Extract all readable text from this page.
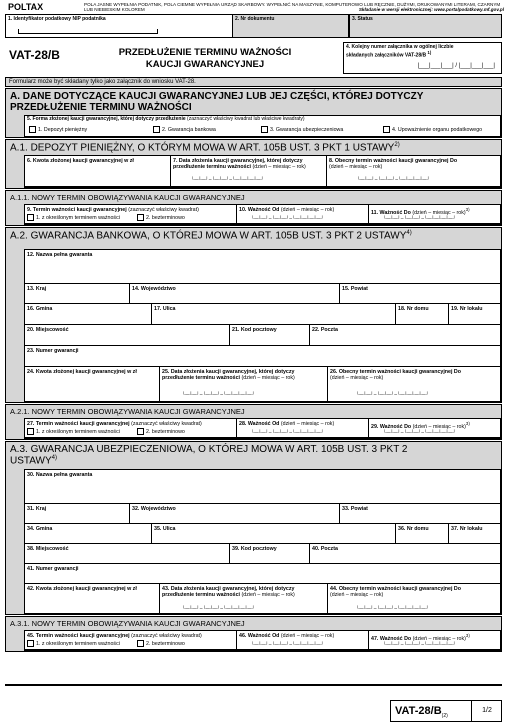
POLTAX	POLA JASNE WYPEŁNIA PODATNIK, POLA CIEMNE WYPEŁNIA URZĄD SKARBOWY. WYPEŁNIĆ NA MASZYNIE, KOMPUTEROWO LUB RĘCZNIE, DUŻYMI, DRUKOWANYMI LITERAMI, CZARNYM LUB NIEBIESKIM KOLOREM	Składanie w wersji elektronicznej: www.portalpodatkowy.mf.gov.pl
1. Identyfikator podatkowy NIP podatnika	2. Nr dokumentu	3. Status
VAT-28/B	PRZEDŁUŻENIE TERMINU WAŻNOŚCI KAUCJI GWARANCYJNEJ
4. Kolejny numer załącznika w ogólnej liczbie składanych załączników VAT-28/B $^{1)}$
|___|___|___| / |___|___|___|
Formularz może być składany tylko jako załącznik do wniosku VAT-28.
A. DANE DOTYCZĄCE KAUCJI GWARANCYJNEJ LUB JEJ CZĘŚCI, KTÓREJ DOTYCZY PRZEDŁUŻENIE TERMINU WAŻNOŚCI
5. Forma złożonej kaucji gwarancyjnej, której dotyczy przedłużenie (zaznaczyć właściwy kwadrat lub właściwe kwadraty)
1. Depozyt pieniężny	2. Gwarancja bankowa	3. Gwarancja ubezpieczeniowa	4. Upoważnienie organu podatkowego
A.1. DEPOZYT PIENIĘŻNY, O KTÓRYM MOWA W ART. 105B UST. 3 PKT 1 USTAWY$^{2)}$
6. Kwota złożonej kaucji gwarancyjnej w zł	7. Data złożenia kaucji gwarancyjnej, której dotyczy przedłużenie terminu ważności (dzień – miesiąc – rok)
└─┴─┘–└─┴─┘–└─┴─┴─┴─┘
8. Obecny termin ważności kaucji gwarancyjnej Do
(dzień – miesiąc – rok)
└─┴─┘–└─┴─┘–└─┴─┴─┴─┘
A.1.1. NOWY TERMIN OBOWIĄZYWANIA KAUCJI GWARANCYJNEJ
9. Termin ważności kaucji gwarancyjnej (zaznaczyć właściwy kwadrat)
1. z określonym terminem ważności	2. bezterminowo
10. Ważność Od (dzień – miesiąc – rok)
└─┴─┘–└─┴─┘–└─┴─┴─┴─┘
11. Ważność Do (dzień – miesiąc – rok)$^{3)}$
└─┴─┘–└─┴─┘–└─┴─┴─┴─┘
A.2. GWARANCJA BANKOWA, O KTÓREJ MOWA W ART. 105B UST. 3 PKT 2 USTAWY$^{4)}$
12. Nazwa pełna gwaranta
13. Kraj	14. Województwo	15. Powiat
16. Gmina	17. Ulica	18. Nr domu	19. Nr lokalu
20. Miejscowość	21. Kod pocztowy	22. Poczta
23. Numer gwarancji
24. Kwota złożonej kaucji gwarancyjnej w zł	25. Data złożenia kaucji gwarancyjnej, której dotyczy przedłużenie terminu ważności (dzień – miesiąc – rok)
└─┴─┘–└─┴─┘–└─┴─┴─┴─┘
26. Obecny termin ważności kaucji gwarancyjnej Do
(dzień – miesiąc – rok)
└─┴─┘–└─┴─┘–└─┴─┴─┴─┘
A.2.1. NOWY TERMIN OBOWIĄZYWANIA KAUCJI GWARANCYJNEJ
27. Termin ważności kaucji gwarancyjnej (zaznaczyć właściwy kwadrat)
1. z określonym terminem ważności	2. bezterminowo
28. Ważność Od (dzień – miesiąc – rok)
└─┴─┘–└─┴─┘–└─┴─┴─┴─┘
29. Ważność Do (dzień – miesiąc – rok)$^{3)}$
└─┴─┘–└─┴─┘–└─┴─┴─┴─┘
A.3. GWARANCJA UBEZPIECZENIOWA, O KTÓREJ MOWA W ART. 105B UST. 3 PKT 2 USTAWY$^{4)}$
30. Nazwa pełna gwaranta
31. Kraj	32. Województwo	33. Powiat
34. Gmina	35. Ulica	36. Nr domu	37. Nr lokalu
38. Miejscowość	39. Kod pocztowy	40. Poczta
41. Numer gwarancji
42. Kwota złożonej kaucji gwarancyjnej w zł	43. Data złożenia kaucji gwarancyjnej, której dotyczy przedłużenie terminu ważności (dzień – miesiąc – rok)
└─┴─┘–└─┴─┘–└─┴─┴─┴─┘
44. Obecny termin ważności kaucji gwarancyjnej Do
(dzień – miesiąc – rok)
└─┴─┘–└─┴─┘–└─┴─┴─┴─┘
A.3.1. NOWY TERMIN OBOWIĄZYWANIA KAUCJI GWARANCYJNEJ
45. Termin ważności kaucji gwarancyjnej (zaznaczyć właściwy kwadrat)
1. z określonym terminem ważności	2. bezterminowo
46. Ważność Od (dzień – miesiąc – rok)
└─┴─┘–└─┴─┘–└─┴─┴─┴─┘
47. Ważność Do (dzień – miesiąc – rok)$^{3)}$
└─┴─┘–└─┴─┘–└─┴─┴─┴─┘
VAT-$28/B_{(2)}$
1/2
